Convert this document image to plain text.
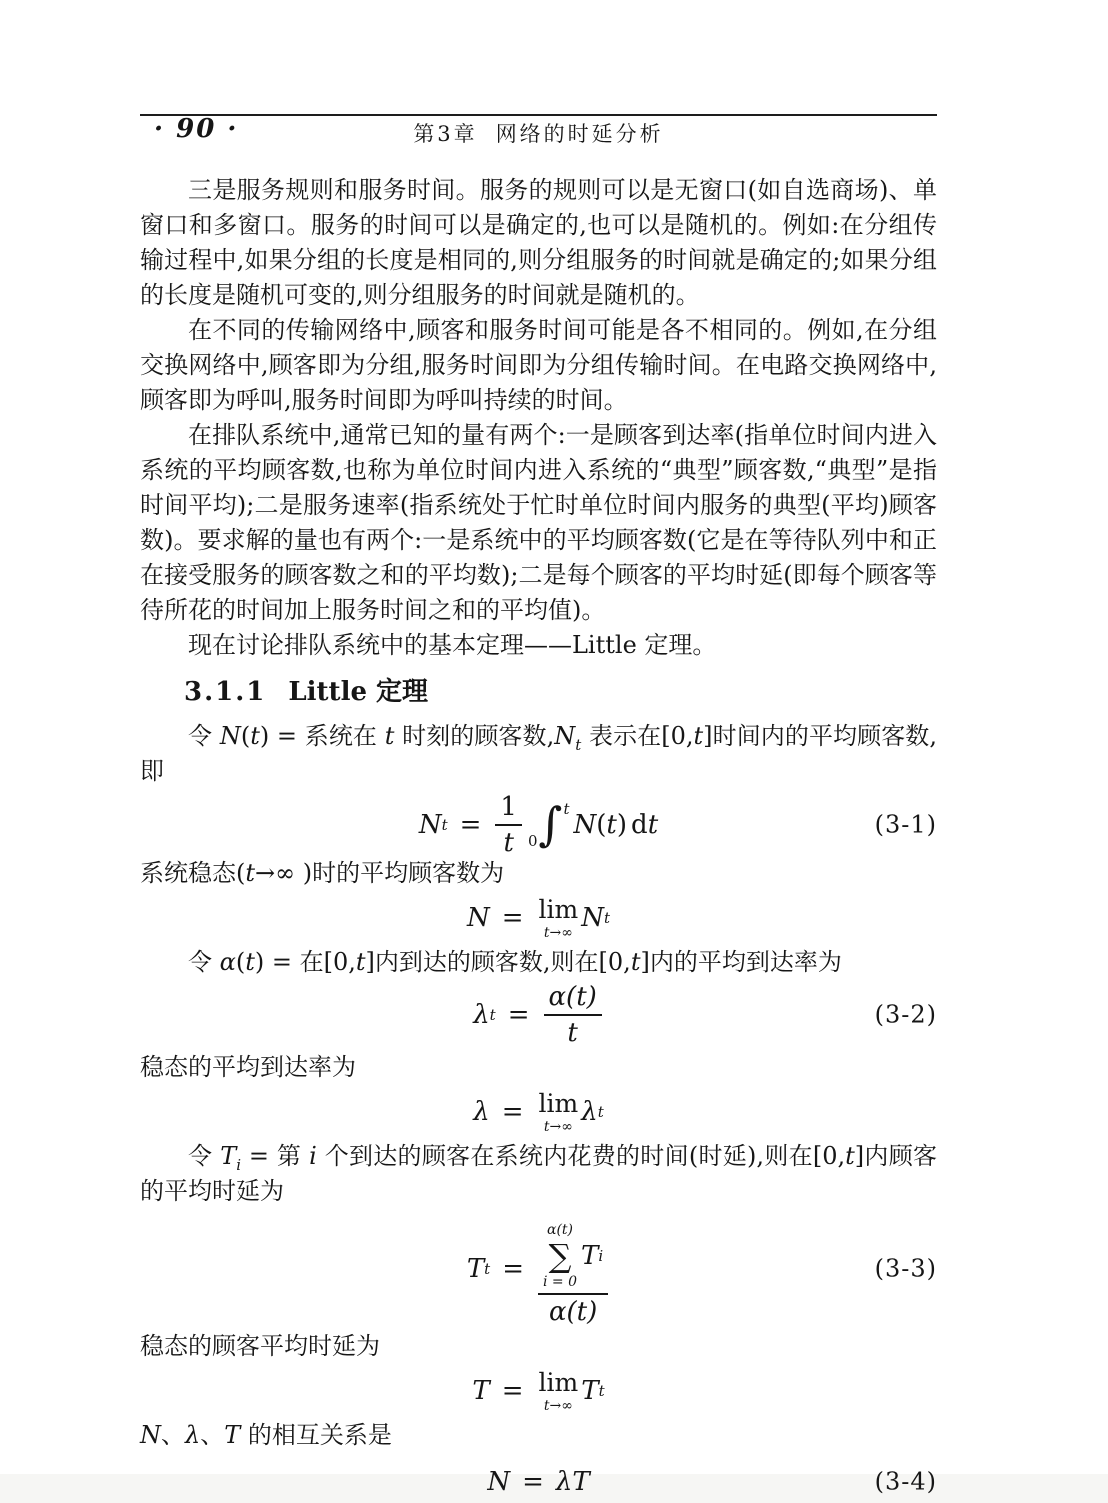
· 90 ·	第3章 网络的时延分析

三是服务规则和服务时间。服务的规则可以是无窗口(如自选商场)、单窗口和多窗口。服务的时间可以是确定的,也可以是随机的。例如:在分组传输过程中,如果分组的长度是相同的,则分组服务的时间就是确定的;如果分组的长度是随机可变的,则分组服务的时间就是随机的。

在不同的传输网络中,顾客和服务时间可能是各不相同的。例如,在分组交换网络中,顾客即为分组,服务时间即为分组传输时间。在电路交换网络中,顾客即为呼叫,服务时间即为呼叫持续的时间。

在排队系统中,通常已知的量有两个:一是顾客到达率(指单位时间内进入系统的平均顾客数,也称为单位时间内进入系统的“典型”顾客数,“典型”是指时间平均);二是服务速率(指系统处于忙时单位时间内服务的典型(平均)顾客数)。要求解的量也有两个:一是系统中的平均顾客数(它是在等待队列中和正在接受服务的顾客数之和的平均数);二是每个顾客的平均时延(即每个顾客等待所花的时间加上服务时间之和的平均值)。

现在讨论排队系统中的基本定理——Little 定理。

3.1.1 Little 定理

令 N(t) = 系统在 t 时刻的顾客数$,N_t$ 表示在[0,t]时间内的平均顾客数,即

N $t = \frac{1}{t} 0$ ∫ t
N ( t ) d t	(3-1)

系统稳态(t→∞ )时的平均顾客数为

N = lim
t→∞ N t

令 α(t) = 在[0,t]内到达的顾客数,则在[0,t]内的平均到达率为

λ $t = \frac{\alpha(t)}{t}$	(3-2)

稳态的平均到达率为

λ = lim
t→∞ λ t

令 $T_i$ = 第 i 个到达的顾客在系统内花费的时间(时延),则在[0,t]内顾客的平均时延为

T t =
α(t)
∑
i = 0
T i
α(t)
(3-3)

稳态的顾客平均时延为

T = lim
t→∞ T t

N、λ、T 的相互关系是

N = λ T	(3-4)
